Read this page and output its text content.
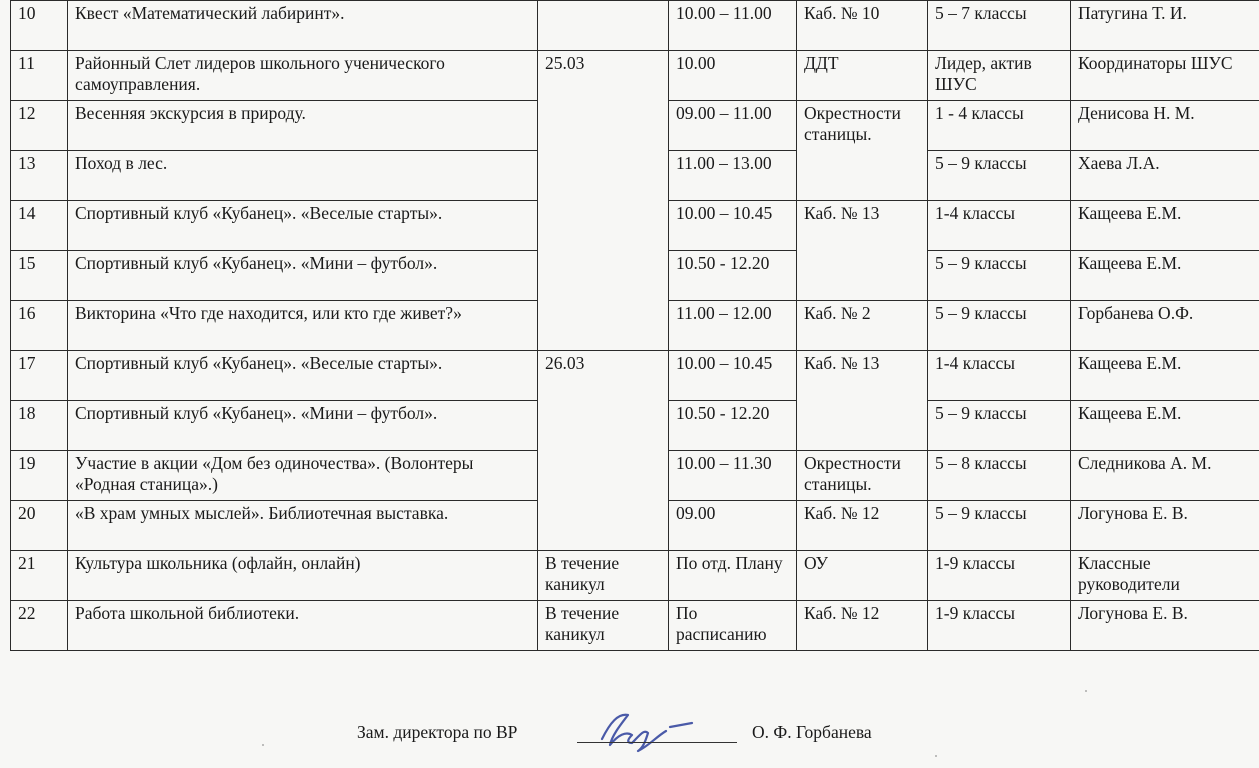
10	Квест «Математический лабиринт».		10.00 – 11.00	Каб. № 10	5 – 7 классы	Патугина Т. И.
11	Районный Слет лидеров школьного ученического самоуправления.	25.03	10.00	ДДТ	Лидер, актив ШУС	Координаторы ШУС
12	Весенняя экскурсия в природу.		09.00 – 11.00	Окрестности станицы.	1 - 4 классы	Денисова Н. М.
13	Поход в лес.		11.00 – 13.00		5 – 9 классы	Хаева Л.А.
14	Спортивный клуб «Кубанец». «Веселые старты».		10.00 – 10.45	Каб. № 13	1-4 классы	Кащеева Е.М.
15	Спортивный клуб «Кубанец». «Мини – футбол».		10.50 - 12.20		5 – 9 классы	Кащеева Е.М.
16	Викторина «Что где находится, или кто где живет?»		11.00 – 12.00	Каб. № 2	5 – 9 классы	Горбанева О.Ф.
17	Спортивный клуб «Кубанец». «Веселые старты».	26.03	10.00 – 10.45	Каб. № 13	1-4 классы	Кащеева Е.М.
18	Спортивный клуб «Кубанец». «Мини – футбол».		10.50 - 12.20		5 – 9 классы	Кащеева Е.М.
19	Участие в акции «Дом без одиночества». (Волонтеры «Родная станица».)		10.00 – 11.30	Окрестности станицы.	5 – 8 классы	Следникова А. М.
20	«В храм умных мыслей». Библиотечная выставка.		09.00	Каб. № 12	5 – 9 классы	Логунова Е. В.
21	Культура школьника (офлайн, онлайн)	В течение каникул	По отд. Плану	ОУ	1-9 классы	Классные руководители
22	Работа школьной библиотеки.	В течение каникул	По расписанию	Каб. № 12	1-9 классы	Логунова Е. В.
Зам. директора по ВР	О. Ф. Горбанева
